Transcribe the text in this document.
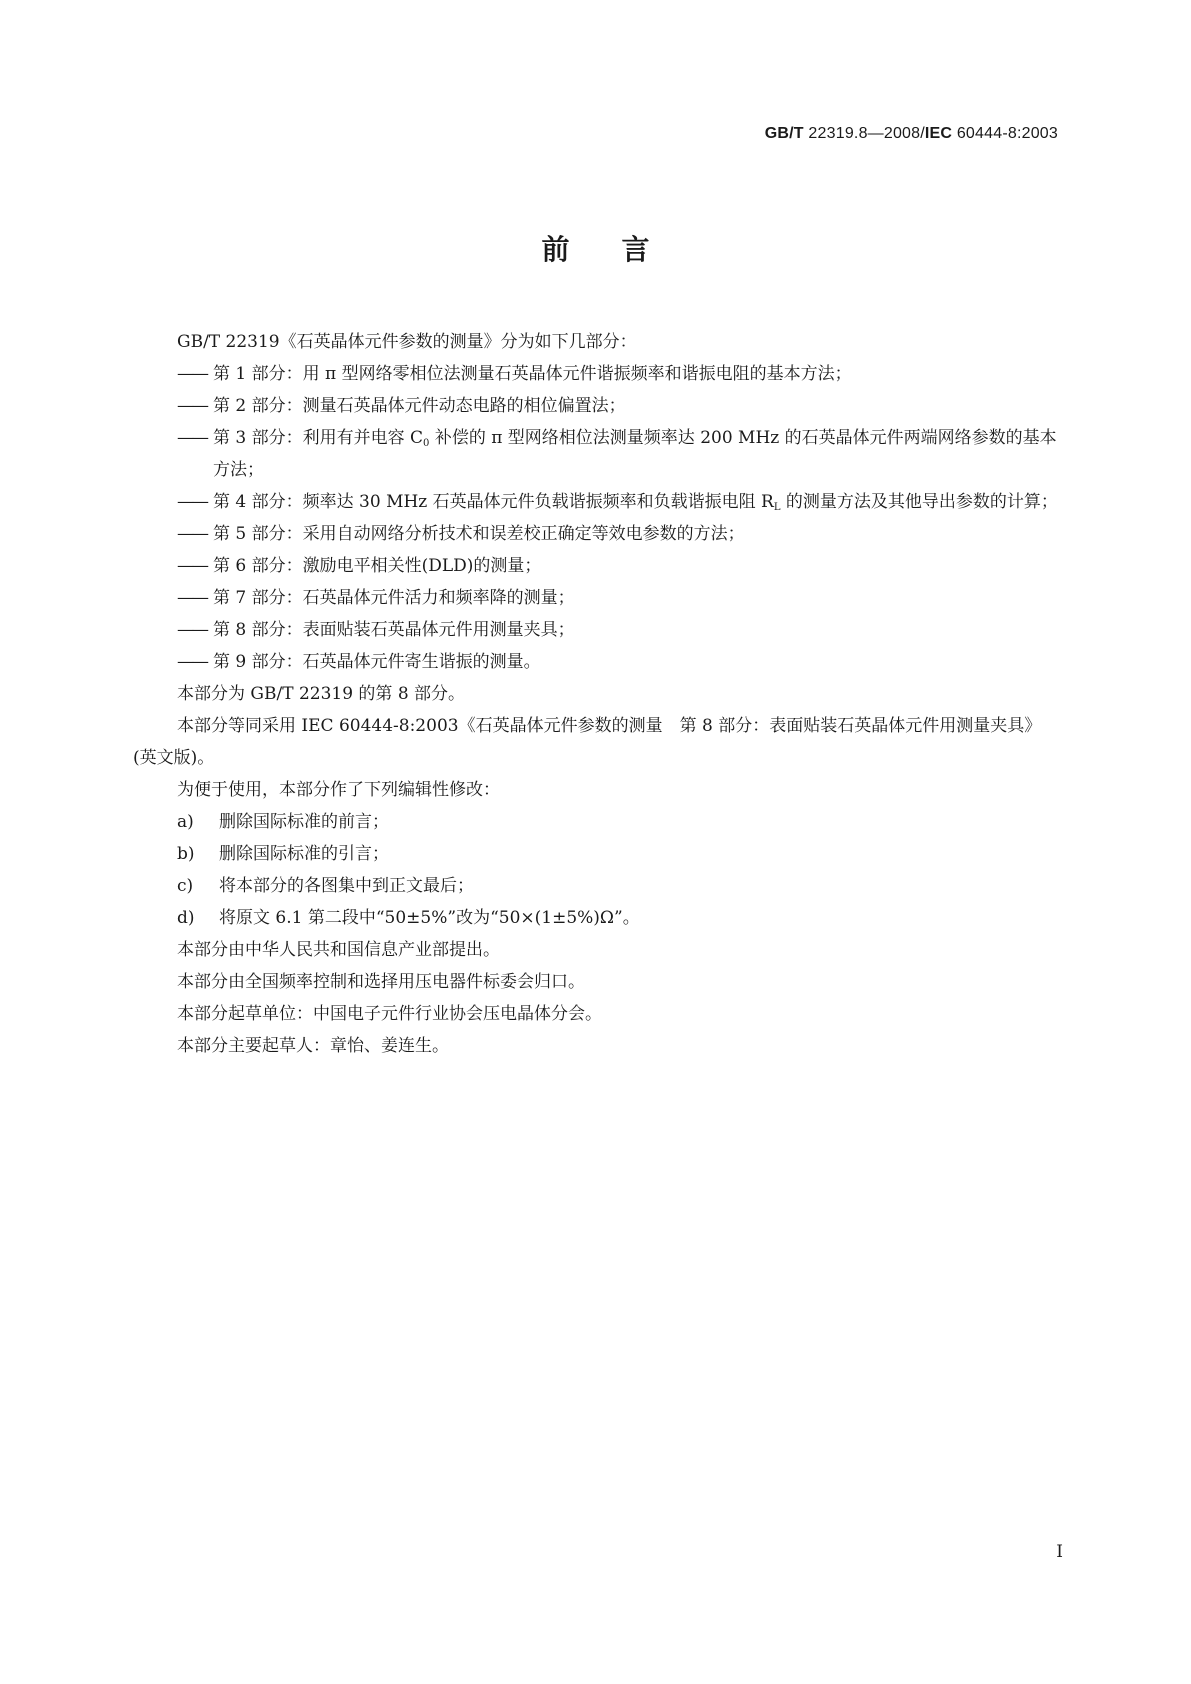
GB/T 22319.8—2008/IEC 60444-8:2003
前言

GB/T 22319《石英晶体元件参数的测量》分为如下几部分：

—— 第 1 部分：用 π 型网络零相位法测量石英晶体元件谐振频率和谐振电阻的基本方法；

—— 第 2 部分：测量石英晶体元件动态电路的相位偏置法；

—— 第 3 部分：利用有并电容 $C_0$ 补偿的 π 型网络相位法测量频率达 200 MHz 的石英晶体元件两端网络参数的基本方法；

—— 第 4 部分：频率达 30 MHz 石英晶体元件负载谐振频率和负载谐振电阻 $R_L$ 的测量方法及其他导出参数的计算；

—— 第 5 部分：采用自动网络分析技术和误差校正确定等效电参数的方法；

—— 第 6 部分：激励电平相关性(DLD)的测量；

—— 第 7 部分：石英晶体元件活力和频率降的测量；

—— 第 8 部分：表面贴装石英晶体元件用测量夹具；

—— 第 9 部分：石英晶体元件寄生谐振的测量。

本部分为 GB/T 22319 的第 8 部分。

本部分等同采用 IEC 60444-8:2003《石英晶体元件参数的测量　第 8 部分：表面贴装石英晶体元件用测量夹具》(英文版)。

为便于使用，本部分作了下列编辑性修改：

a) 删除国际标准的前言；

b) 删除国际标准的引言；

c) 将本部分的各图集中到正文最后；

d) 将原文 6.1 第二段中“50±5%”改为“50×(1±5%)Ω”。

本部分由中华人民共和国信息产业部提出。

本部分由全国频率控制和选择用压电器件标委会归口。

本部分起草单位：中国电子元件行业协会压电晶体分会。

本部分主要起草人：章怡、姜连生。

I
